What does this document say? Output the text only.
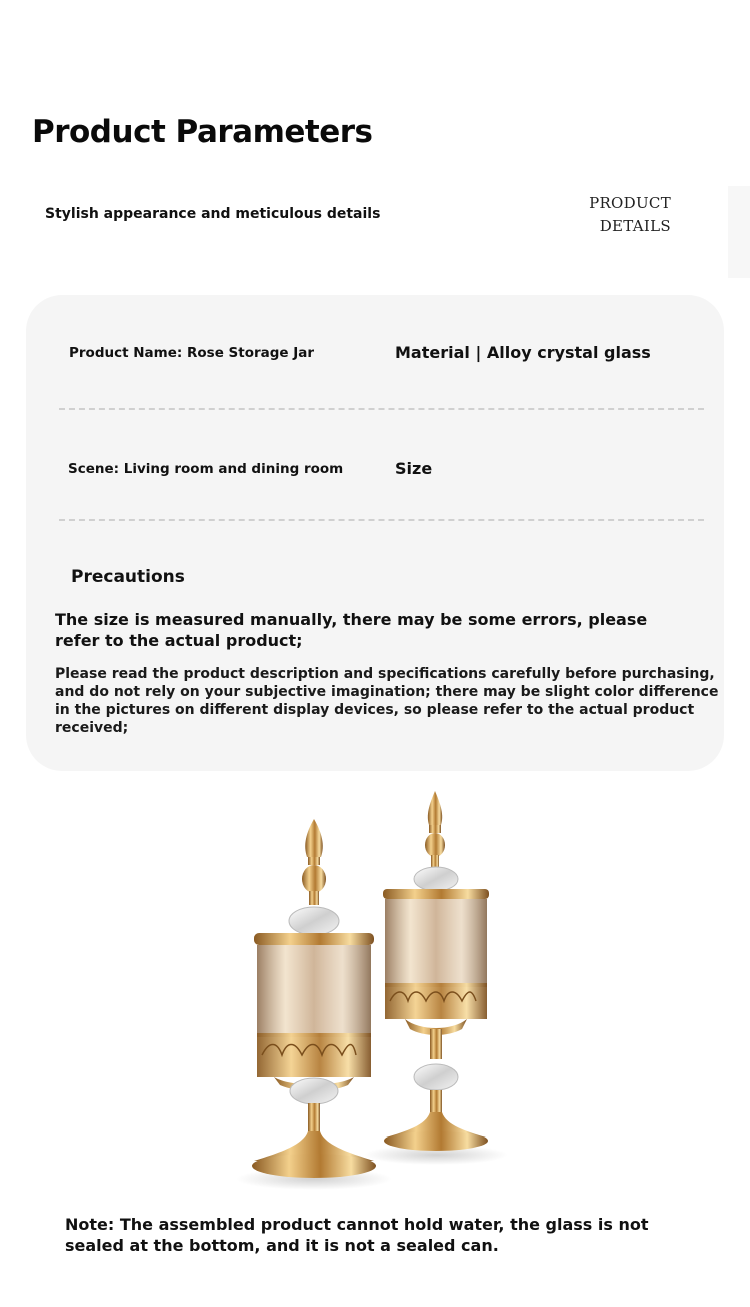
Product Parameters
Stylish appearance and meticulous details
PRODUCT
DETAILS
Product Name: Rose Storage Jar	Material | Alloy crystal glass
Scene: Living room and dining room	Size
Precautions
The size is measured manually, there may be some errors, please refer to the actual product;
Please read the product description and specifications carefully before purchasing, and do not rely on your subjective imagination; there may be slight color difference in the pictures on different display devices, so please refer to the actual product received;
Note: The assembled product cannot hold water, the glass is not sealed at the bottom, and it is not a sealed can.
